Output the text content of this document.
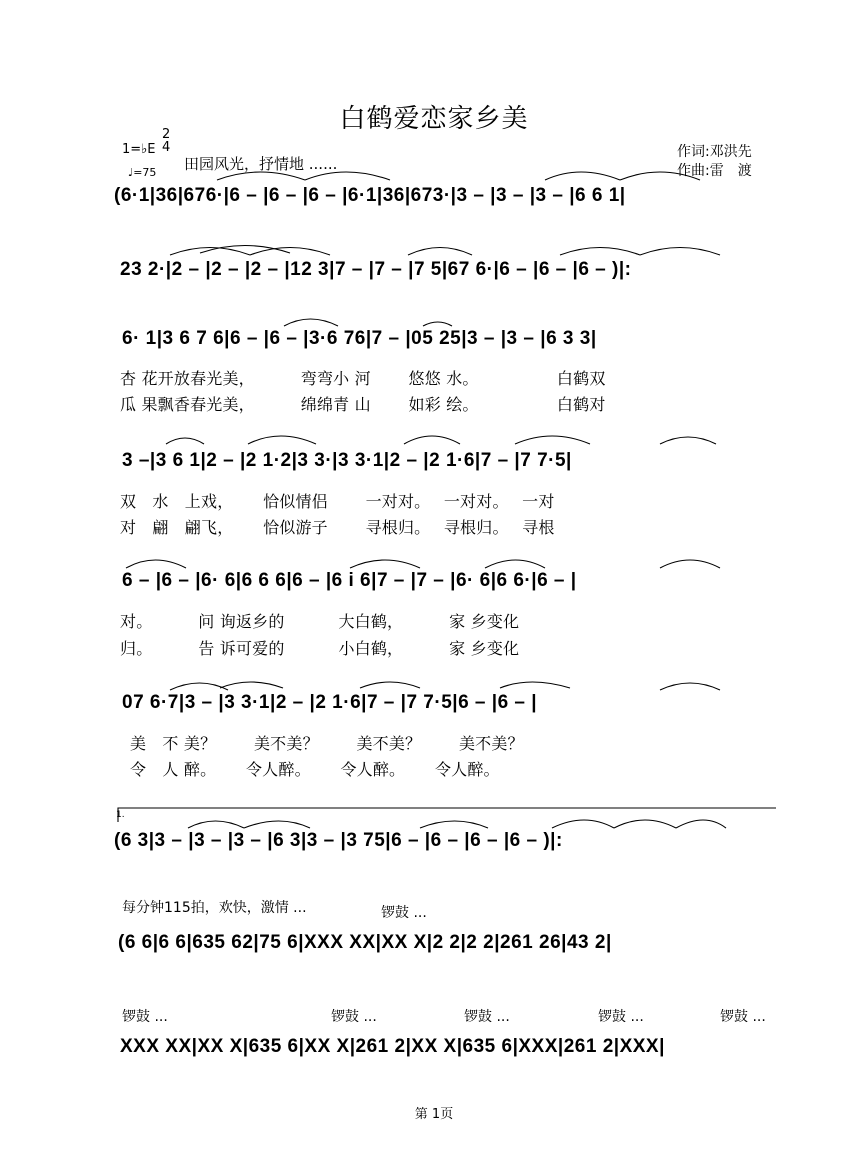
白鹤爱恋家乡美
1=♭E
2
4
♩=75 田园风光，抒情地 ......
作词:邓洪先
作曲:雷　渡
(6·1|36|676·|6 – |6 – |6 – |6·1|36|673·|3 – |3 – |3 – |6 6 1|
23 2·|2 – |2 – |2 – |12 3|7 – |7 – |7 5|67 6·|6 – |6 – |6 – )|:
6· 1|3 6 7 6|6 – |6 – |3·6 76|7 – |05 25|3 – |3 – |6 3 3|
杏 花开放春光美，　　　 弯弯小 河　　 悠悠 水。　　　　　 白鹤双
瓜 果飘香春光美，　　　 绵绵青 山　　 如彩 绘。　　　　　 白鹤对
3 –|3 6 1|2 – |2 1·2|3 3·|3 3·1|2 – |2 1·6|7 – |7 7·5|
双　水　上戏，　　 恰似情侣　　 一对对。　 一对对。　 一对
对　翩　翩飞，　　 恰似游子　　 寻根归。　 寻根归。　 寻根
6 – |6 – |6· 6|6 6 6|6 – |6 i 6|7 – |7 – |6· 6|6 6·|6 – |
对。　　　 问 询返乡的　　　 大白鹤，　　　 家 乡变化
归。　　　 告 诉可爱的　　　 小白鹤，　　　 家 乡变化
07 6·7|3 – |3 3·1|2 – |2 1·6|7 – |7 7·5|6 – |6 – |
美　不 美？　　 美不美？　　 美不美？　　 美不美？
令　人 醉。　　 令人醉。　　 令人醉。　　 令人醉。
1.
(6 3|3 – |3 – |3 – |6 3|3 – |3 75|6 – |6 – |6 – |6 – )|:
每分钟115拍，欢快，激情 ...	锣鼓 ...
(6 6|6 6|635 62|75 6|XXX XX|XX X|2 2|2 2|261 26|43 2|
锣鼓 ...	锣鼓 ...	锣鼓 ...	锣鼓 ...	锣鼓 ...
XXX XX|XX X|635 6|XX X|261 2|XX X|635 6|XXX|261 2|XXX|
第 1页
